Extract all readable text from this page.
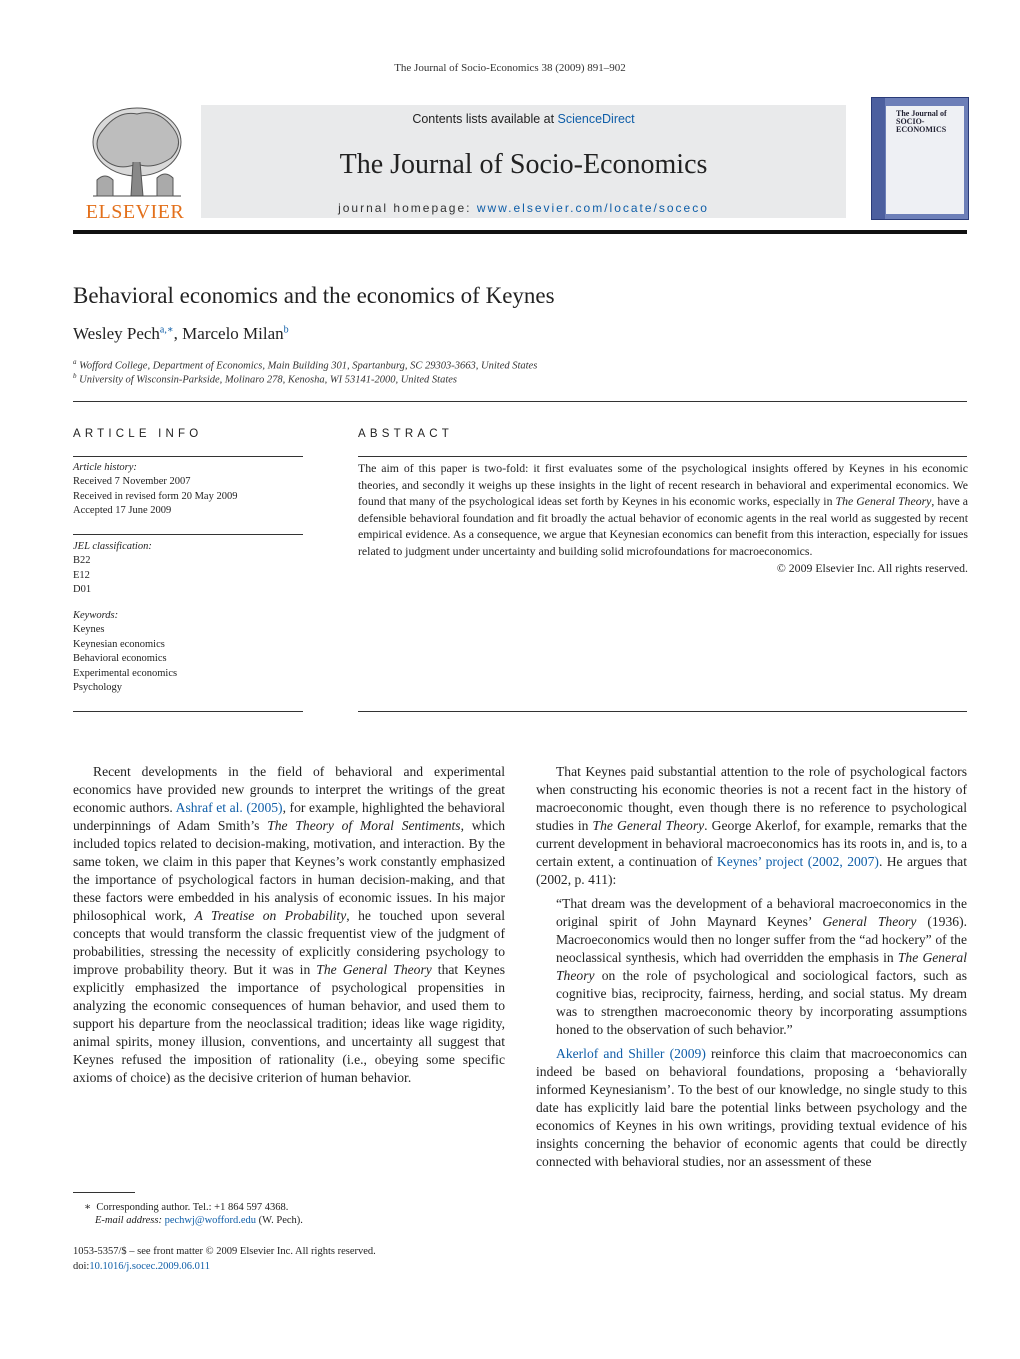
The Journal of Socio-Economics 38 (2009) 891–902
ELSEVIER
Contents lists available at ScienceDirect
The Journal of Socio-Economics
journal homepage: www.elsevier.com/locate/soceco
The Journal of
SOCIO-
ECONOMICS
Behavioral economics and the economics of Keynes
Wesley Pech$^{a,∗}$, Marcelo Milan$^b$
$^a$ Wofford College, Department of Economics, Main Building 301, Spartanburg, SC 29303-3663, United States
$^b$ University of Wisconsin-Parkside, Molinaro 278, Kenosha, WI 53141-2000, United States
ARTICLE INFO
Article history:
Received 7 November 2007
Received in revised form 20 May 2009
Accepted 17 June 2009
JEL classification:
B22
E12
D01
Keywords:
Keynes
Keynesian economics
Behavioral economics
Experimental economics
Psychology
ABSTRACT
The aim of this paper is two-fold: it first evaluates some of the psychological insights offered by Keynes in his economic theories, and secondly it weighs up these insights in the light of recent research in behavioral and experimental economics. We found that many of the psychological ideas set forth by Keynes in his economic works, especially in The General Theory, have a defensible behavioral foundation and fit broadly the actual behavior of economic agents in the real world as suggested by recent empirical evidence. As a consequence, we argue that Keynesian economics can benefit from this interaction, especially for issues related to judgment under uncertainty and building solid microfoundations for macroeconomics.
© 2009 Elsevier Inc. All rights reserved.

Recent developments in the field of behavioral and experimental economics have provided new grounds to interpret the writings of the great economic authors. Ashraf et al. (2005), for example, highlighted the behavioral underpinnings of Adam Smith’s The Theory of Moral Sentiments, which included topics related to decision-making, motivation, and interaction. By the same token, we claim in this paper that Keynes’s work constantly emphasized the importance of psychological factors in human decision-making, and that these factors were embedded in his analysis of economic issues. In his major philosophical work, A Treatise on Probability, he touched upon several concepts that would transform the classic frequentist view of the judgment of probabilities, stressing the necessity of explicitly considering psychology to improve probability theory. But it was in The General Theory that Keynes explicitly emphasized the importance of psychological propensities in analyzing the economic consequences of human behavior, and used them to support his departure from the neoclassical tradition; ideas like wage rigidity, animal spirits, money illusion, conventions, and uncertainty all suggest that Keynes refused the imposition of rationality (i.e., obeying some specific axioms of choice) as the decisive criterion of human behavior.

That Keynes paid substantial attention to the role of psychological factors when constructing his economic theories is not a recent fact in the history of macroeconomic thought, even though there is no reference to psychological studies in The General Theory. George Akerlof, for example, remarks that the current development in behavioral macroeconomics has its roots in, and is, to a certain extent, a continuation of Keynes’ project (2002, 2007). He argues that (2002, p. 411):

“That dream was the development of a behavioral macroeconomics in the original spirit of John Maynard Keynes’ General Theory (1936). Macroeconomics would then no longer suffer from the “ad hockery” of the neoclassical synthesis, which had overridden the emphasis in The General Theory on the role of psychological and sociological factors, such as cognitive bias, reciprocity, fairness, herding, and social status. My dream was to strengthen macroeconomic theory by incorporating assumptions honed to the observation of such behavior.”

Akerlof and Shiller (2009) reinforce this claim that macroeconomics can indeed be based on behavioral foundations, proposing a ‘behaviorally informed Keynesianism’. To the best of our knowledge, no single study to this date has explicitly laid bare the potential links between psychology and the economics of Keynes in his own writings, providing textual evidence of his insights concerning the behavior of economic agents that could be directly connected with behavioral studies, nor an assessment of these

∗ Corresponding author. Tel.: +1 864 597 4368.
E-mail address: pechwj@wofford.edu (W. Pech).
1053-5357/$ – see front matter © 2009 Elsevier Inc. All rights reserved.
doi:10.1016/j.socec.2009.06.011
